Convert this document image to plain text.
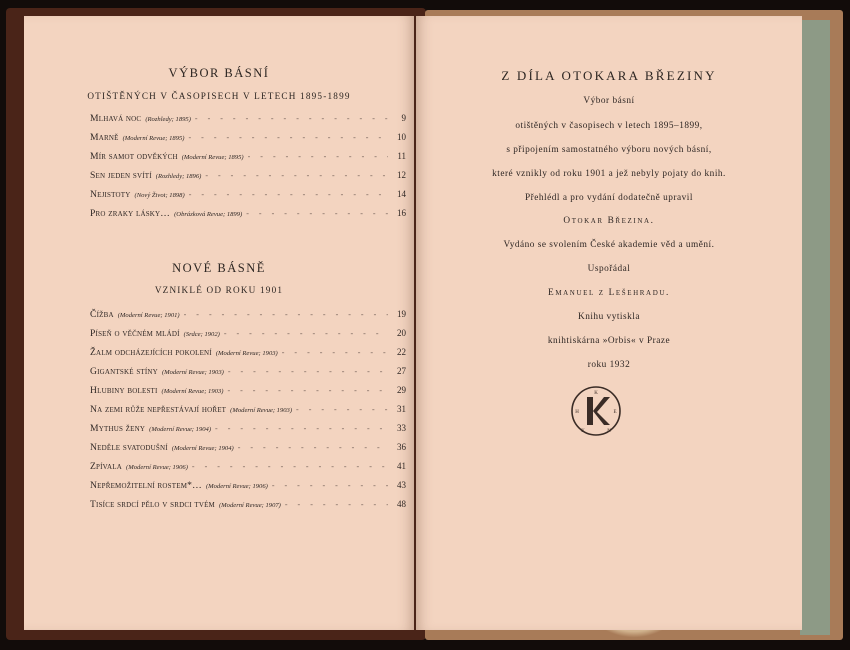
VÝBOR BÁSNÍ
OTIŠTĚNÝCH V ČASOPISECH V LETECH 1895-1899
Mlhavá noc (Rozhledy; 1895) - - -	9
Marně (Moderní Revue; 1895) - - -	10
Mír samot odvěkých (Moderní Revue; 1895) - - -	11
Sen jeden svítí (Rozhledy; 1896) - - -	12
Nejistoty (Nový Život; 1898) - - -	14
Pro zraky lásky… (Obrázková Revue; 1899) - - -	16
NOVÉ BÁSNĚ
VZNIKLÉ OD ROKU 1901
Čížba (Moderní Revue; 1901) - - -	19
Píseň o věčném mládí (Srdce; 1902) - - -	20
Žalm odcházejících pokolení (Moderní Revue; 1903) - - -	22
Gigantské stíny (Moderní Revue; 1903) - - -	27
Hlubiny bolesti (Moderní Revue; 1903) - - -	29
Na zemi růže nepřestávají hořet (Moderní Revue; 1903) - - -	31
Mythus ženy (Moderní Revue; 1904) - - -	33
Neděle svatodušní (Moderní Revue; 1904) - - -	36
Zpívala (Moderní Revue; 1906) - - -	41
Nepřemožitelní rostem*… (Moderní Revue; 1906) - - -	43
Tisíce srdcí pělo v srdci tvém (Moderní Revue; 1907) - - -	48
Z DÍLA OTOKARA BŘEZINY
Výbor básní
otištěných v časopisech v letech 1895–1899,
s připojením samostatného výboru nových básní,
které vznikly od roku 1901 a jež nebyly pojaty do knih.
Přehlédl a pro vydání dodatečně upravil
Otokar Březina.
Vydáno se svolením České akademie věd a umění.
Uspořádal
Emanuel z Lešehradu.
Knihu vytiskla
knihtiskárna »Orbis« v Praze
roku 1932
K
H	E
N
K
